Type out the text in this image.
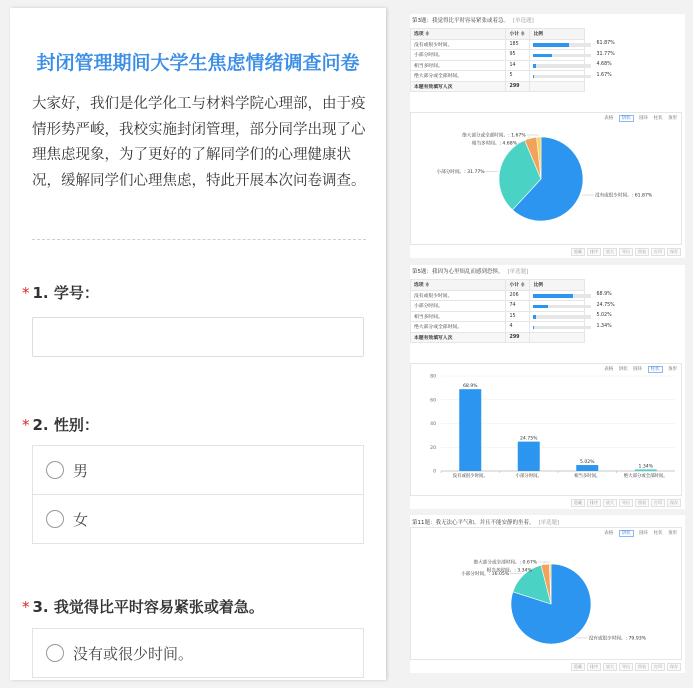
封闭管理期间大学生焦虑情绪调查问卷
大家好，我们是化学化工与材料学院心理部，由于疫情形势严峻，我校实施封闭管理，部分同学出现了心理焦虑现象，为了更好的了解同学们的心理健康状况，缓解同学们心理焦虑，特此开展本次问卷调查。
* 1. 学号：
* 2. 性别：
男
女
* 3. 我觉得比平时容易紧张或着急。
没有或很少时间。
第3题：我觉得比平时容易紧张或着急。 [单选题]
选项 ≑	小计 ≑	比例
没有或很少时间。	185	61.87%

小部分时间。	95	31.77%

相当多时间。	14	4.68%

绝大部分或全部时间。	5	1.67%

本题有效填写人次	299	
表格 饼状 圆环 柱状 条形
没有或很少时间。: 61.87%
小部分时间。: 31.77%
相当多时间。: 4.68%
绝大部分或全部时间。: 1.67%
隐藏 排序 放大 导出 图表 打印 保存
第5题：我因为心里烦乱而感到恐惧。 [单选题]
选项 ≑	小计 ≑	比例
没有或很少时间。	206	68.9%

小部分时间。	74	24.75%

相当多时间。	15	5.02%

绝大部分或全部时间。	4	1.34%

本题有效填写人次	299	
表格 饼状 圆环 柱状 条形
0
20
40
60
80
68.9%
没有或很少时间。
24.75%
小部分时间。
5.02%
相当多时间。
1.34%
绝大部分或全部时间。
隐藏 排序 放大 导出 图表 打印 保存
第11题：我无法心平气和，并且不能安静的坐着。 [单选题]
表格 饼状 圆环 柱状 条形
没有或很少时间。: 79.93%
小部分时间。: 16.05%
相当多时间。: 3.34%
绝大部分或全部时间。: 0.67%
隐藏 排序 放大 导出 图表 打印 保存
